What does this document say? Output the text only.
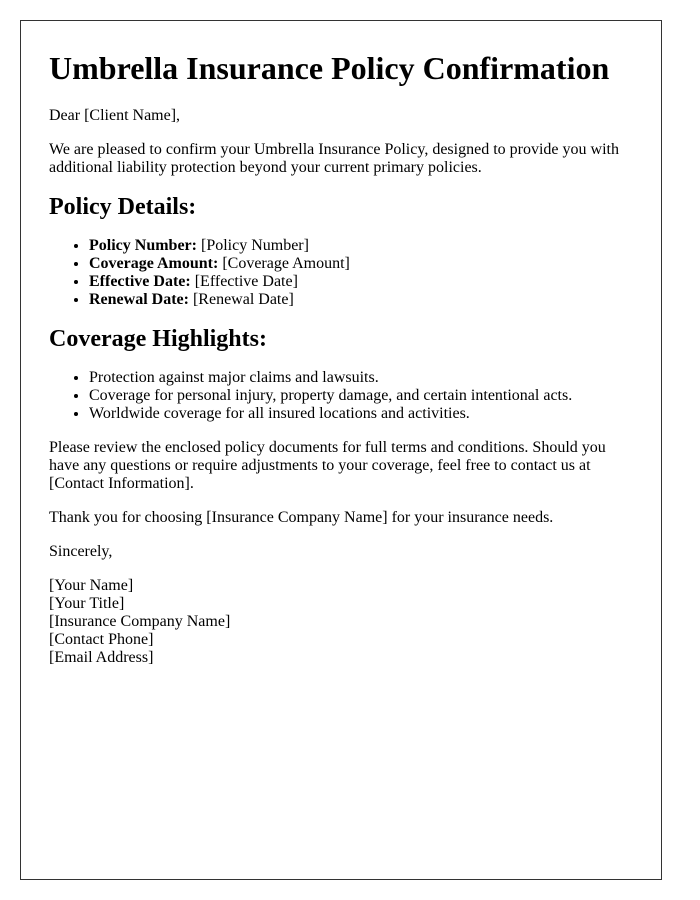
Umbrella Insurance Policy Confirmation

Dear [Client Name],

We are pleased to confirm your Umbrella Insurance Policy, designed to provide you with additional liability protection beyond your current primary policies.

Policy Details:
• Policy Number: [Policy Number]
• Coverage Amount: [Coverage Amount]
• Effective Date: [Effective Date]
• Renewal Date: [Renewal Date]
Coverage Highlights:
• Protection against major claims and lawsuits.
• Coverage for personal injury, property damage, and certain intentional acts.
• Worldwide coverage for all insured locations and activities.

Please review the enclosed policy documents for full terms and conditions. Should you have any questions or require adjustments to your coverage, feel free to contact us at [Contact Information].

Thank you for choosing [Insurance Company Name] for your insurance needs.

Sincerely,

[Your Name]
[Your Title]
[Insurance Company Name]
[Contact Phone]
[Email Address]
